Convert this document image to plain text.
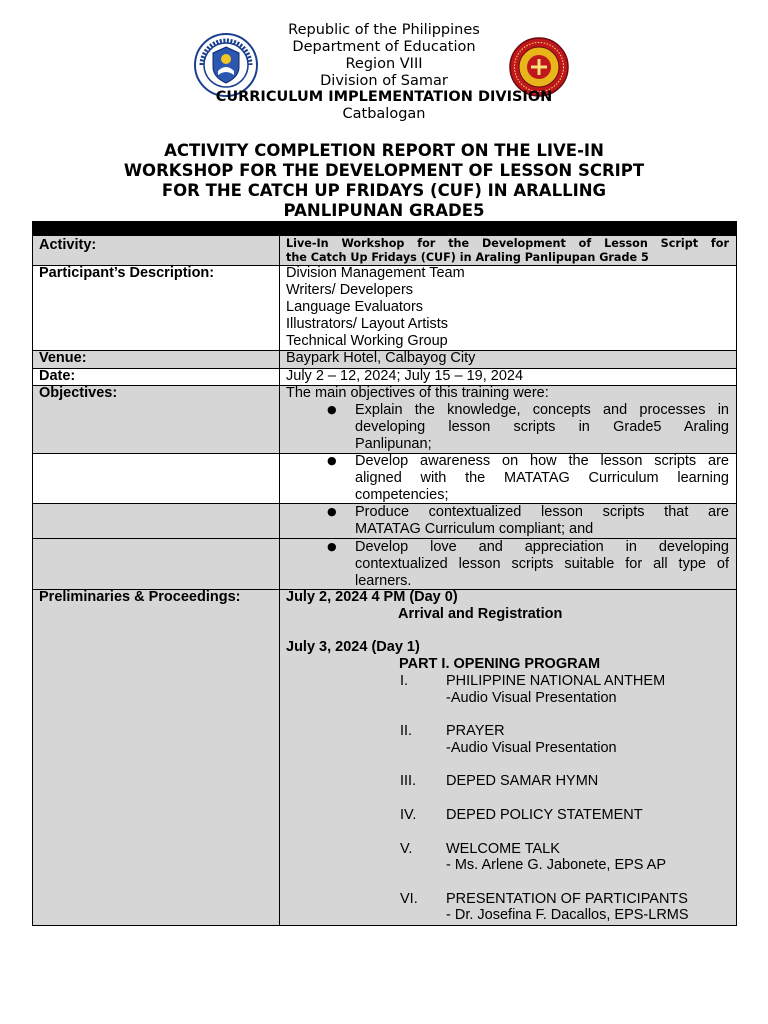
Republic of the Philippines
Department of Education
Region VIII
Division of Samar
CURRICULUM IMPLEMENTATION DIVISION
Catbalogan
ACTIVITY COMPLETION REPORT ON THE LIVE-IN
WORKSHOP FOR THE DEVELOPMENT OF LESSON SCRIPT
FOR THE CATCH UP FRIDAYS (CUF) IN ARALLING
PANLIPUNAN GRADE5
Activity:	Live-In Workshop for the Development of Lesson Script for
the Catch Up Fridays (CUF) in Araling Panlipupan Grade 5
Participant’s Description:	Division Management Team
Writers/ Developers
Language Evaluators
Illustrators/ Layout Artists
Technical Working Group
Venue:	Baypark Hotel, Calbayog City
Date:	July 2 – 12, 2024; July 15 – 19, 2024
Objectives:	The main objectives of this training were:
● Explain the knowledge, concepts and processes in
developing lesson scripts in Grade5 Araling
Panlipunan;
● Develop awareness on how the lesson scripts are
aligned with the MATATAG Curriculum learning
competencies;
● Produce contextualized lesson scripts that are
MATATAG Curriculum compliant; and
● Develop love and appreciation in developing
contextualized lesson scripts suitable for all type of
learners.
Preliminaries & Proceedings:	July 2, 2024 4 PM (Day 0)
Arrival and Registration
July 3, 2024 (Day 1)
PART I. OPENING PROGRAM
I.	PHILIPPINE NATIONAL ANTHEM
-Audio Visual Presentation
II. PRAYER
-Audio Visual Presentation
III. DEPED SAMAR HYMN
IV. DEPED POLICY STATEMENT
V. WELCOME TALK
- Ms. Arlene G. Jabonete, EPS AP
VI. PRESENTATION OF PARTICIPANTS
- Dr. Josefina F. Dacallos, EPS-LRMS
